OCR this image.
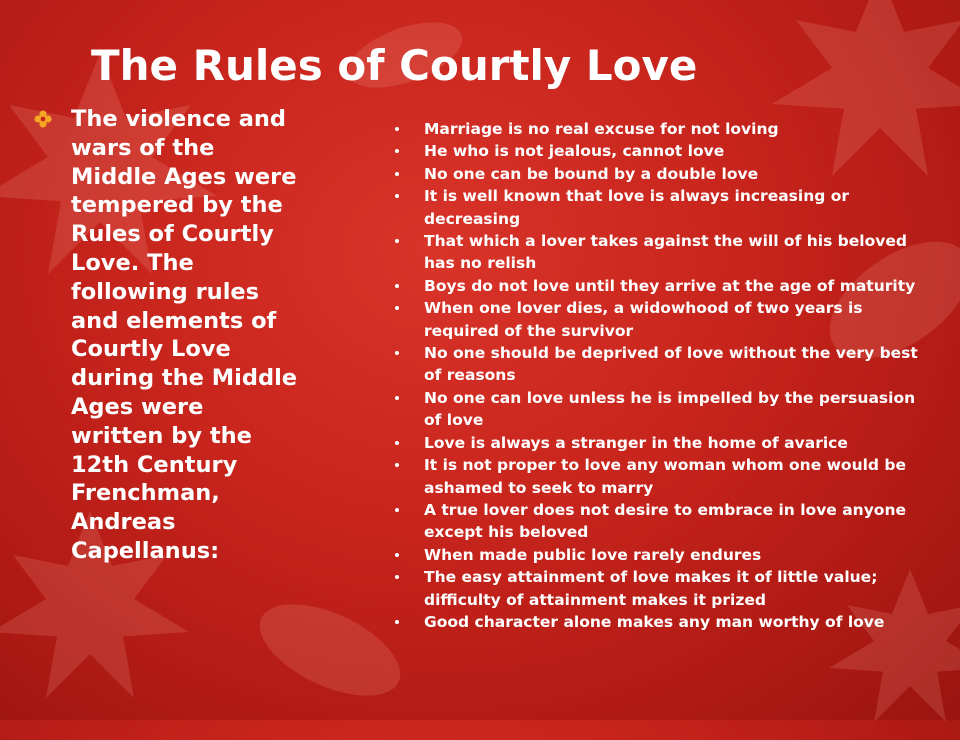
The Rules of Courtly Love
The violence and wars of the Middle Ages were tempered by the Rules of Courtly Love. The following rules and elements of Courtly Love during the Middle Ages were written by the 12th Century Frenchman, Andreas Capellanus:
Marriage is no real excuse for not loving
He who is not jealous, cannot love
No one can be bound by a double love
It is well known that love is always increasing or decreasing
That which a lover takes against the will of his beloved has no relish
Boys do not love until they arrive at the age of maturity
When one lover dies, a widowhood of two years is required of the survivor
No one should be deprived of love without the very best of reasons
No one can love unless he is impelled by the persuasion of love
Love is always a stranger in the home of avarice
It is not proper to love any woman whom one would be ashamed to seek to marry
A true lover does not desire to embrace in love anyone except his beloved
When made public love rarely endures
The easy attainment of love makes it of little value; difficulty of attainment makes it prized
Good character alone makes any man worthy of love
